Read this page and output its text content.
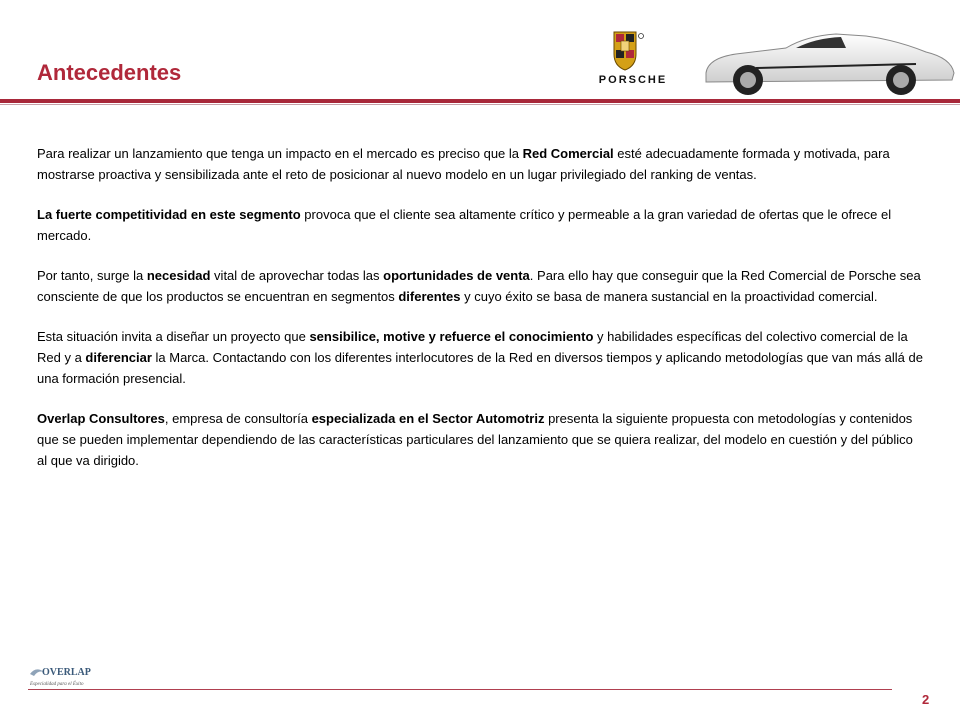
Antecedentes	PORSCHE

Para realizar un lanzamiento que tenga un impacto en el mercado es preciso que la Red Comercial esté adecuadamente formada y motivada, para mostrarse proactiva y sensibilizada ante el reto de posicionar al nuevo modelo en un lugar privilegiado del ranking de ventas.

La fuerte competitividad en este segmento provoca que el cliente sea altamente crítico y permeable a la gran variedad de ofertas que le ofrece el mercado.

Por tanto, surge la necesidad vital de aprovechar todas las oportunidades de venta. Para ello hay que conseguir que la Red Comercial de Porsche sea consciente de que los productos se encuentran en segmentos diferentes y cuyo éxito se basa de manera sustancial en la proactividad comercial.

Esta situación invita a diseñar un proyecto que sensibilice, motive y refuerce el conocimiento y habilidades específicas del colectivo comercial de la Red y a diferenciar la Marca. Contactando con los diferentes interlocutores de la Red en diversos tiempos y aplicando metodologías que van más allá de una formación presencial.

Overlap Consultores, empresa de consultoría especializada en el Sector Automotriz presenta la siguiente propuesta con metodologías y contenidos que se pueden implementar dependiendo de las características particulares del lanzamiento que se quiera realizar, del modelo en cuestión y del público al que va dirigido.

OVERLAP
Especialidad para el Éxito
2
